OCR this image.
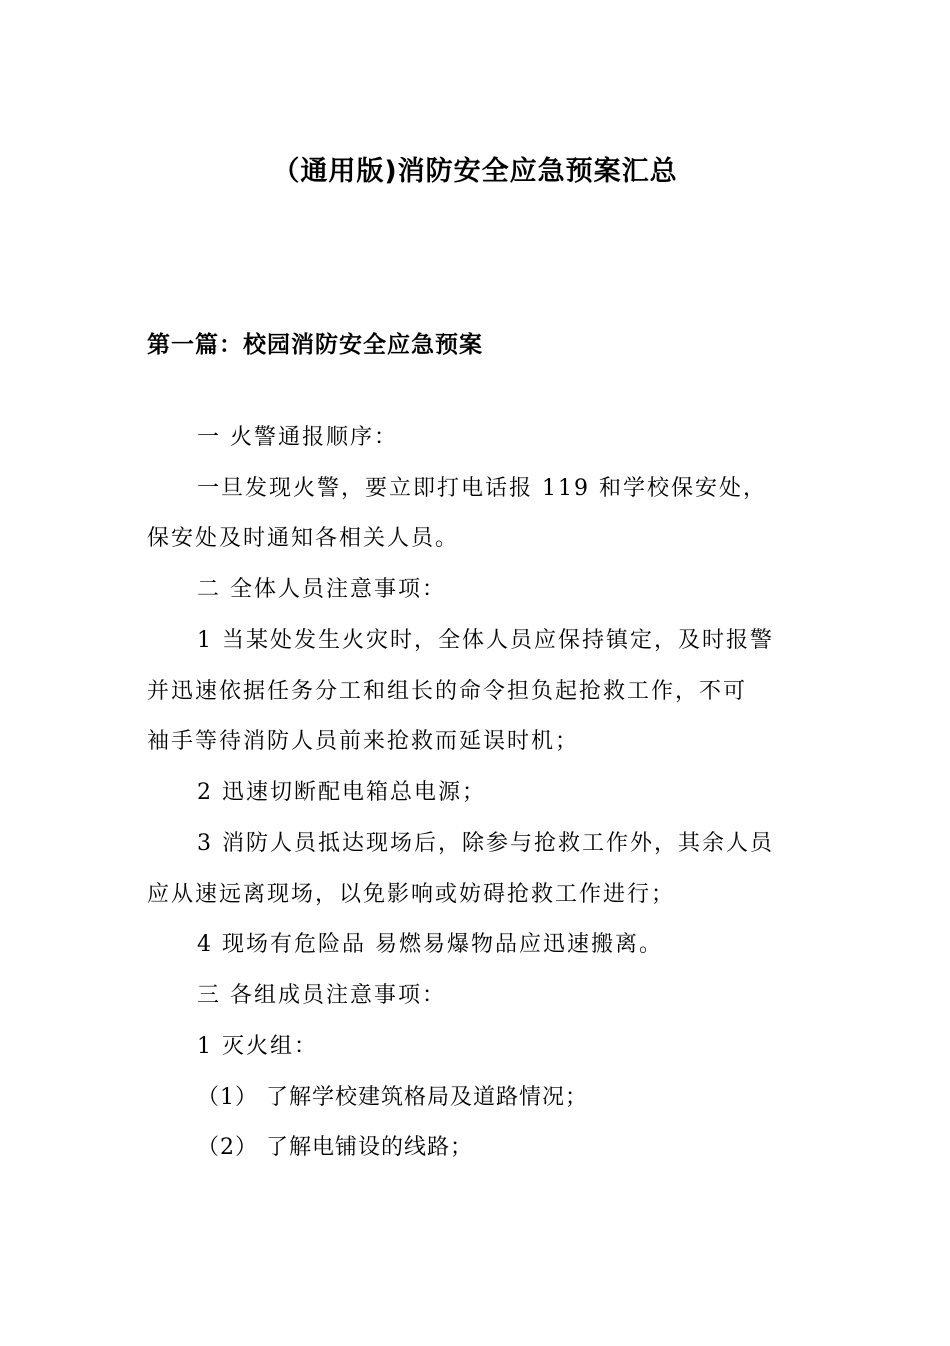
（通用版)消防安全应急预案汇总
第一篇：校园消防安全应急预案
一 火警通报顺序：
一旦发现火警，要立即打电话报 119 和学校保安处，
保安处及时通知各相关人员。
二 全体人员注意事项：
1 当某处发生火灾时，全体人员应保持镇定，及时报警
并迅速依据任务分工和组长的命令担负起抢救工作，不可
袖手等待消防人员前来抢救而延误时机；
2 迅速切断配电箱总电源；
3 消防人员抵达现场后，除参与抢救工作外，其余人员
应从速远离现场，以免影响或妨碍抢救工作进行；
4 现场有危险品 易燃易爆物品应迅速搬离。
三 各组成员注意事项：
1 灭火组：
（1） 了解学校建筑格局及道路情况；
（2） 了解电铺设的线路；
